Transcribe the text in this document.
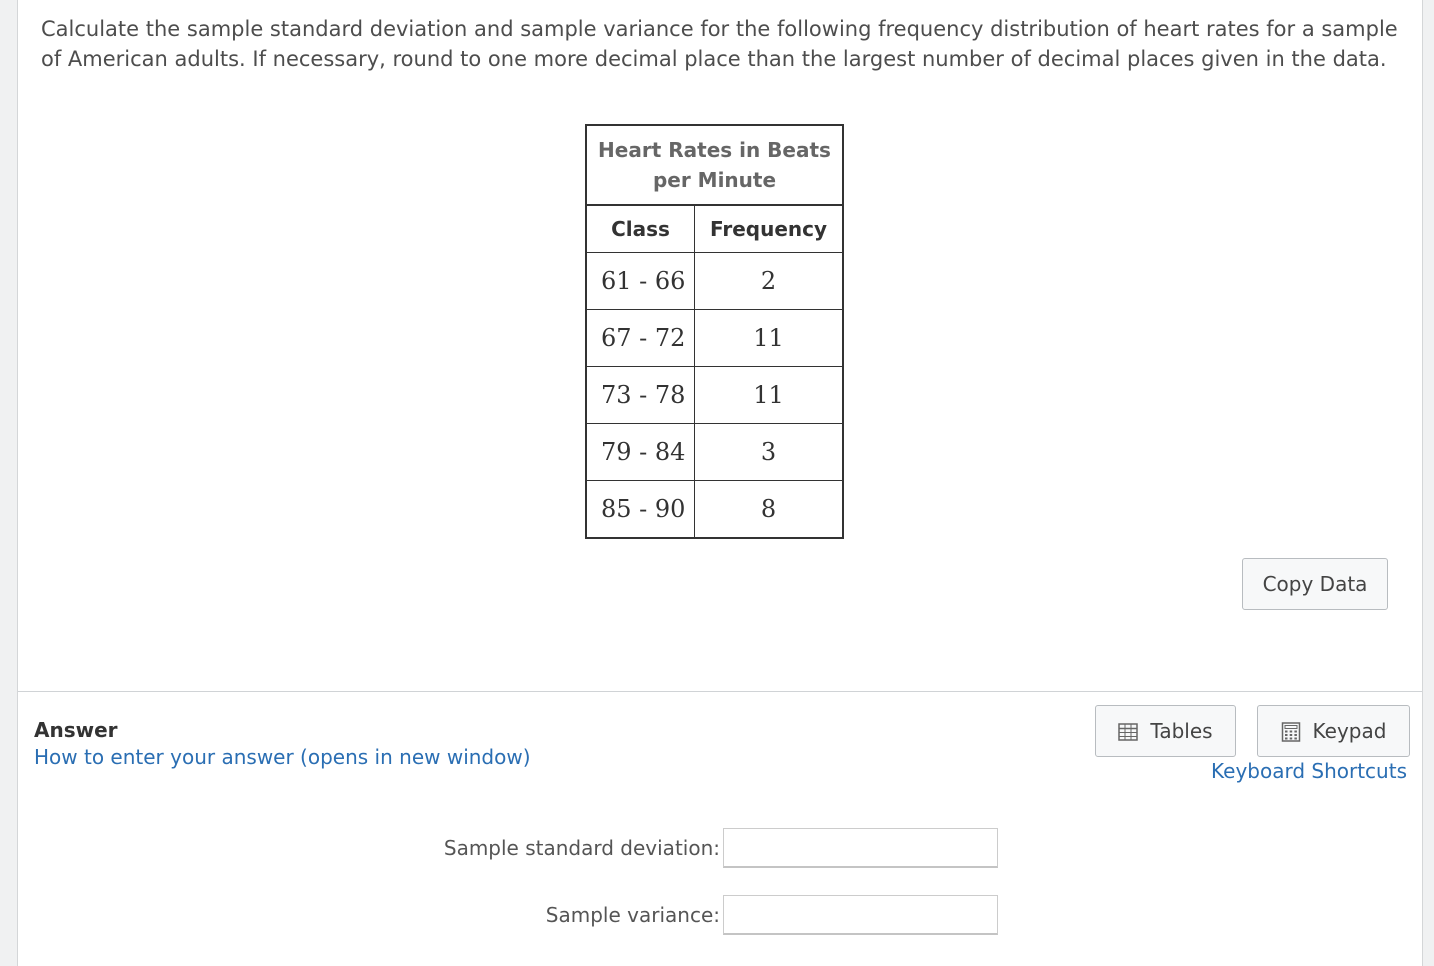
Calculate the sample standard deviation and sample variance for the following frequency distribution of heart rates for a sample of American adults. If necessary, round to one more decimal place than the largest number of decimal places given in the data.

Heart Rates in Beats
per Minute	
Class	Frequency
61 - 66	2
67 - 72	11
73 - 78	11
79 - 84	3
85 - 90	8
Copy Data
Answer
How to enter your answer (opens in new window)
Tables	Keypad
Keyboard Shortcuts
Sample standard deviation:
Sample variance:
